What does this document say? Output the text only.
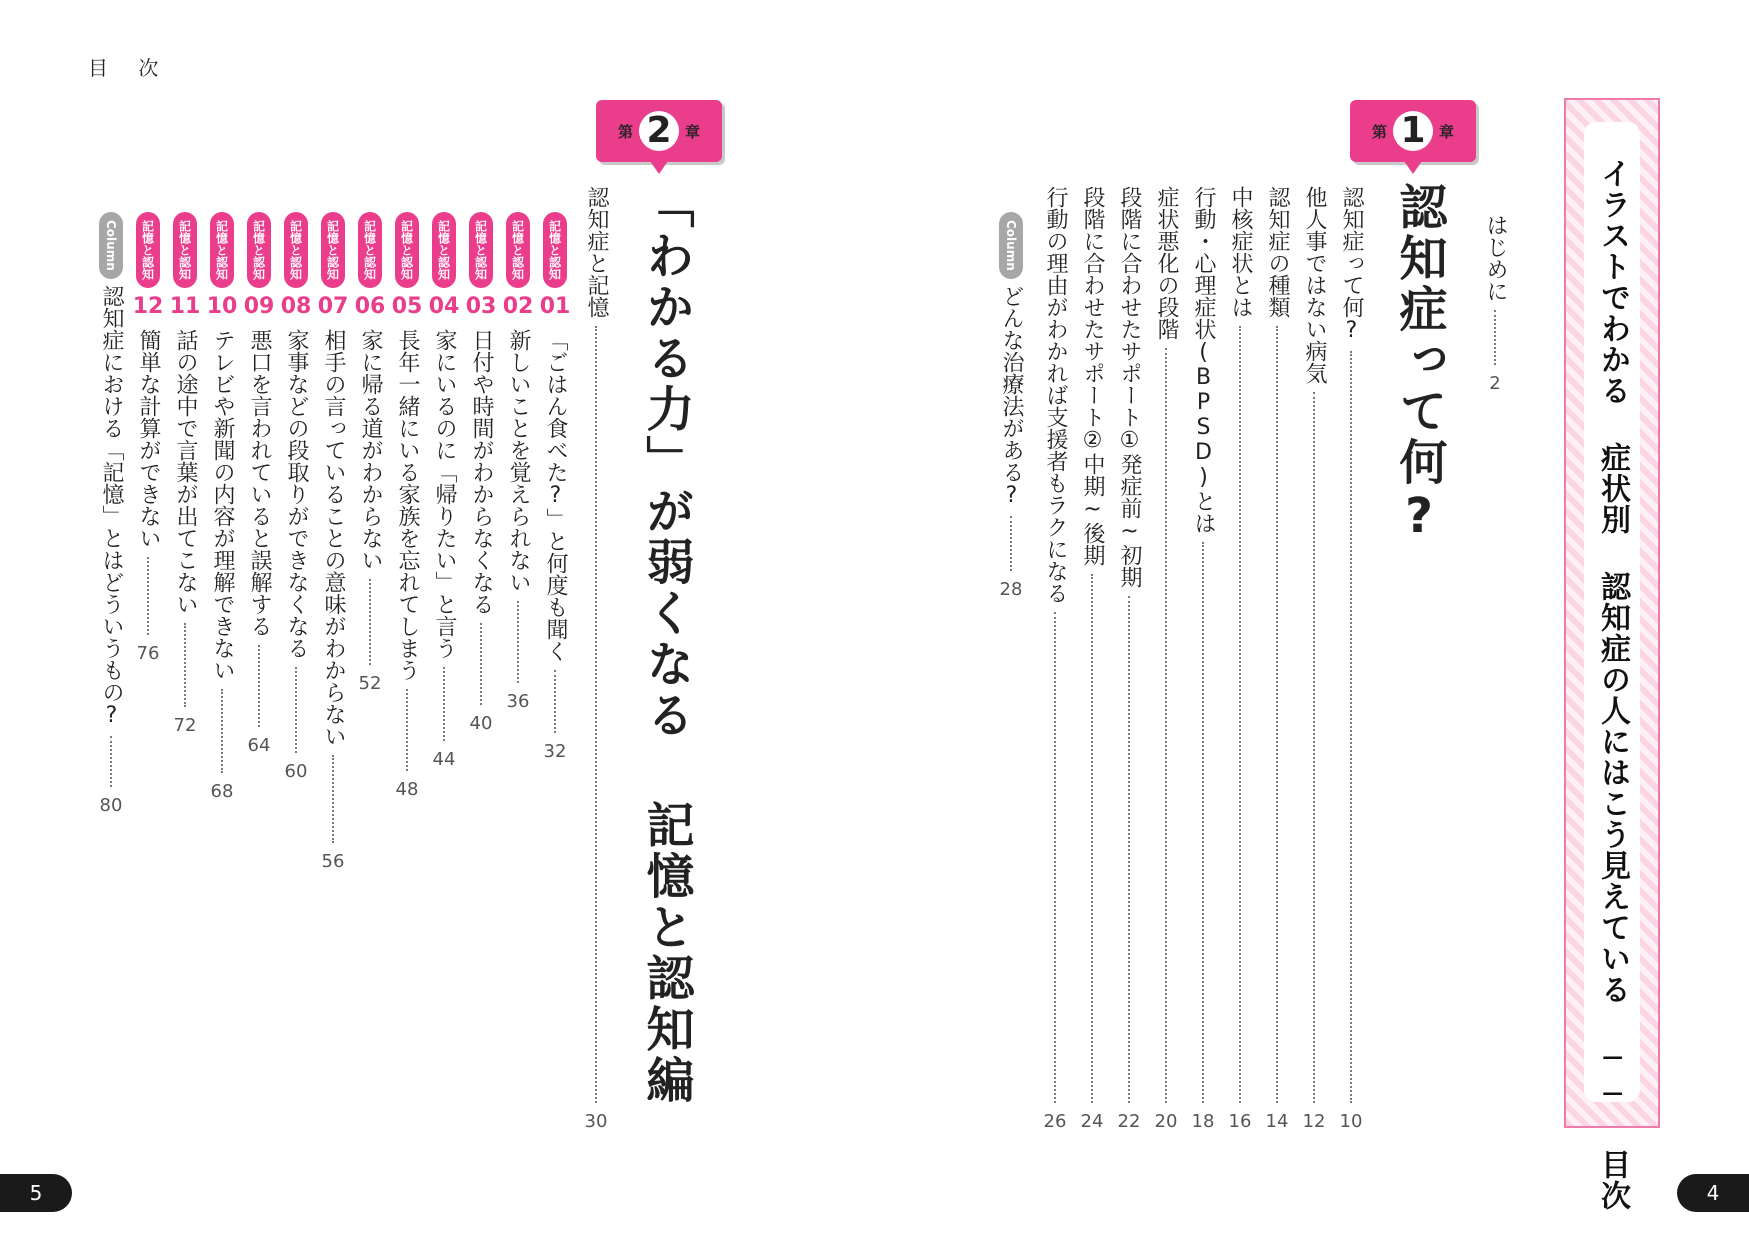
目 次
5	4
イラストでわかる 症状別 認知症の人にはこう見えている ── 目次
はじめに
2
第 1 章
認知症って何?
認知症って何?
10
他人事ではない病気
12
認知症の種類
14
中核症状とは
16
行動・心理症状(BPSD)とは
18
症状悪化の段階
20
段階に合わせたサポート①発症前~初期
22
段階に合わせたサポート②中期~後期
24
行動の理由がわかれば支援者もラクになる
26
Column
どんな治療法がある?
28
第 2 章
「わかる力」が弱くなる 記憶と認知編
認知症と記憶
30
記憶と認知
01
「ごはん食べた?」と何度も聞く
32
記憶と認知
02
新しいことを覚えられない
36
記憶と認知
03
日付や時間がわからなくなる
40
記憶と認知
04
家にいるのに「帰りたい」と言う
44
記憶と認知
05
長年一緒にいる家族を忘れてしまう
48
記憶と認知
06
家に帰る道がわからない
52
記憶と認知
07
相手の言っていることの意味がわからない
56
記憶と認知
08
家事などの段取りができなくなる
60
記憶と認知
09
悪口を言われていると誤解する
64
記憶と認知
10
テレビや新聞の内容が理解できない
68
記憶と認知
11
話の途中で言葉が出てこない
72
記憶と認知
12
簡単な計算ができない
76
Column
認知症における「記憶」とはどういうもの?
80
